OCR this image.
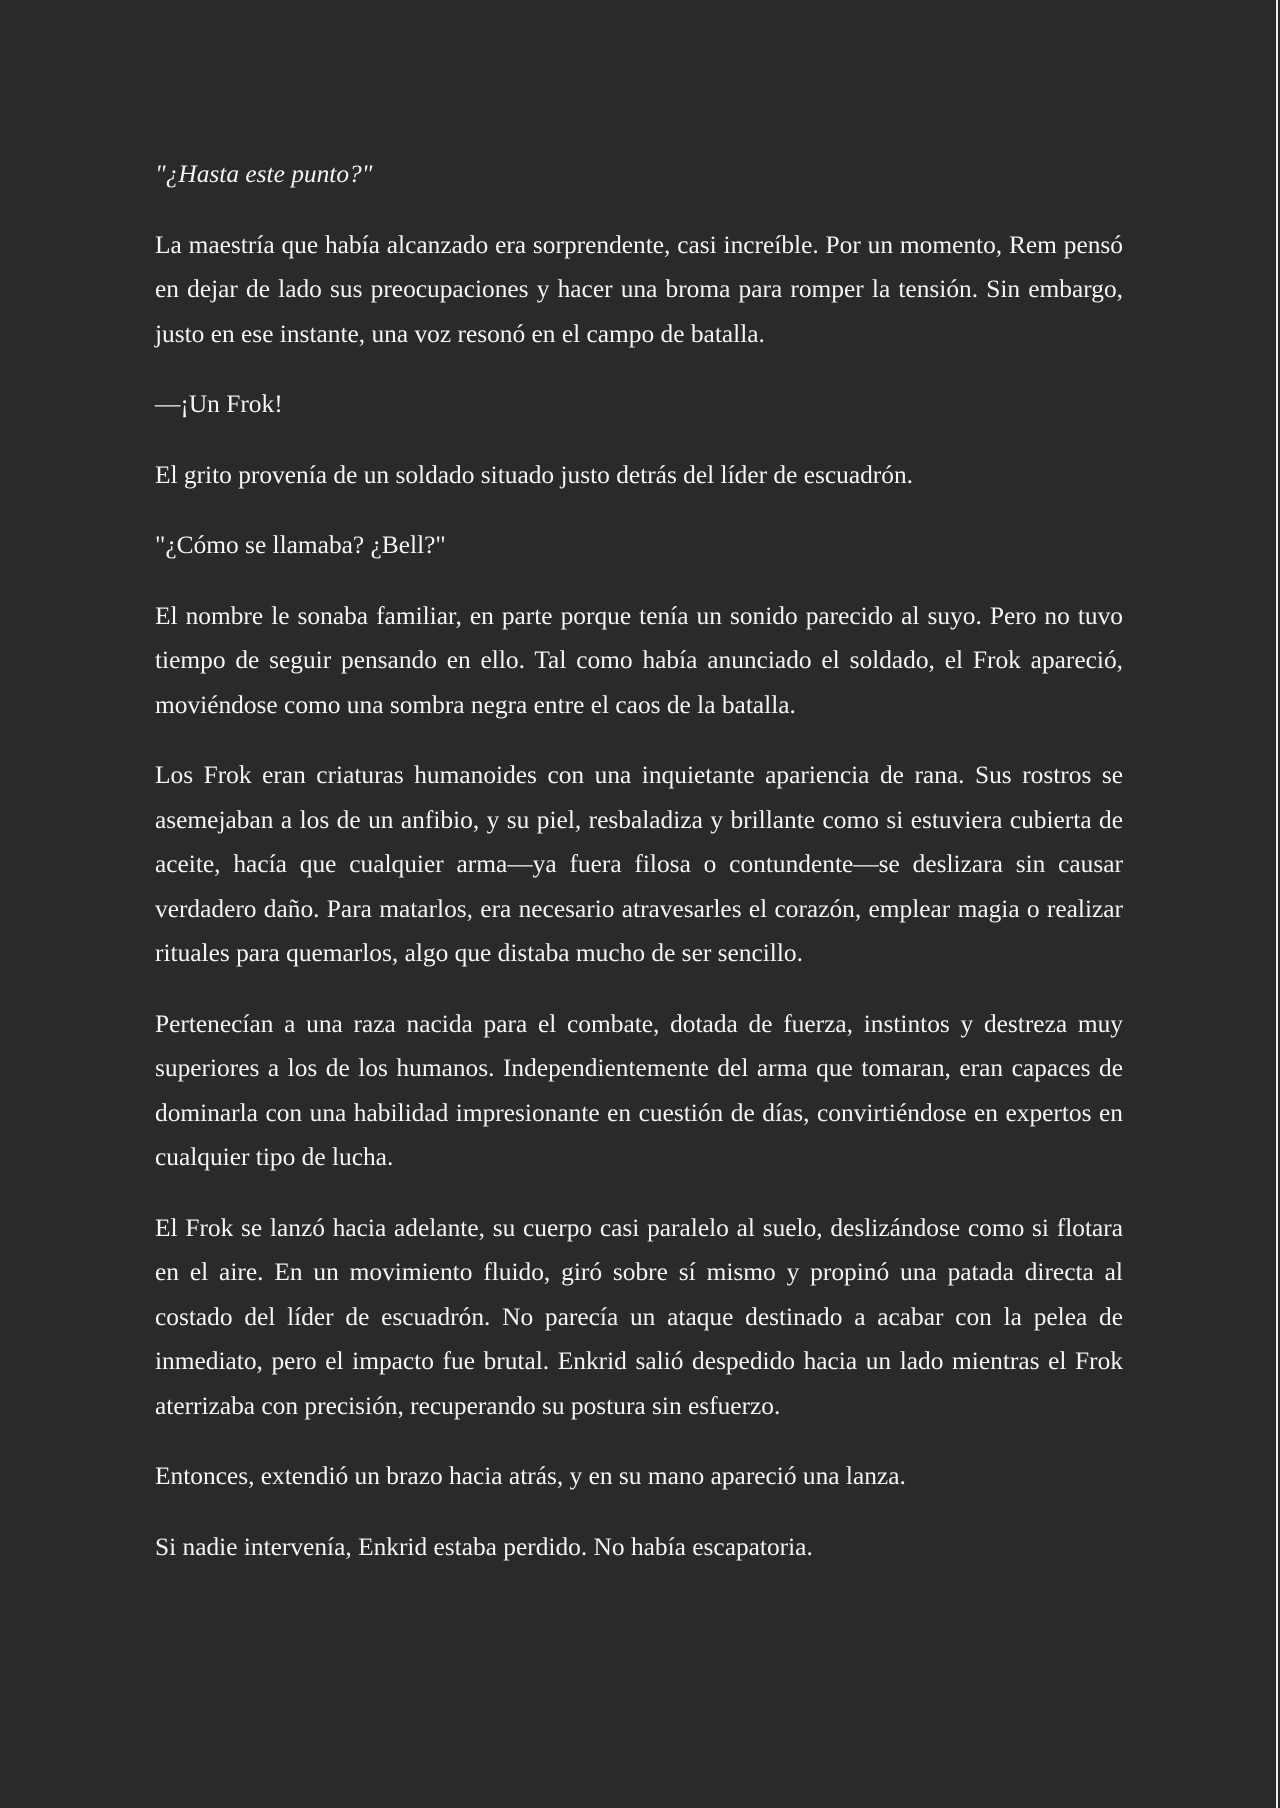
"¿Hasta este punto?"

La maestría que había alcanzado era sorprendente, casi increíble. Por un momento, Rem pensó en dejar de lado sus preocupaciones y hacer una broma para romper la tensión. Sin embargo, justo en ese instante, una voz resonó en el campo de batalla.

—¡Un Frok!

El grito provenía de un soldado situado justo detrás del líder de escuadrón.

"¿Cómo se llamaba? ¿Bell?"

El nombre le sonaba familiar, en parte porque tenía un sonido parecido al suyo. Pero no tuvo tiempo de seguir pensando en ello. Tal como había anunciado el soldado, el Frok apareció, moviéndose como una sombra negra entre el caos de la batalla.

Los Frok eran criaturas humanoides con una inquietante apariencia de rana. Sus rostros se asemejaban a los de un anfibio, y su piel, resbaladiza y brillante como si estuviera cubierta de aceite, hacía que cualquier arma—ya fuera filosa o contundente—se deslizara sin causar verdadero daño. Para matarlos, era necesario atravesarles el corazón, emplear magia o realizar rituales para quemarlos, algo que distaba mucho de ser sencillo.

Pertenecían a una raza nacida para el combate, dotada de fuerza, instintos y destreza muy superiores a los de los humanos. Independientemente del arma que tomaran, eran capaces de dominarla con una habilidad impresionante en cuestión de días, convirtiéndose en expertos en cualquier tipo de lucha.

El Frok se lanzó hacia adelante, su cuerpo casi paralelo al suelo, deslizándose como si flotara en el aire. En un movimiento fluido, giró sobre sí mismo y propinó una patada directa al costado del líder de escuadrón. No parecía un ataque destinado a acabar con la pelea de inmediato, pero el impacto fue brutal. Enkrid salió despedido hacia un lado mientras el Frok aterrizaba con precisión, recuperando su postura sin esfuerzo.

Entonces, extendió un brazo hacia atrás, y en su mano apareció una lanza.

Si nadie intervenía, Enkrid estaba perdido. No había escapatoria.
